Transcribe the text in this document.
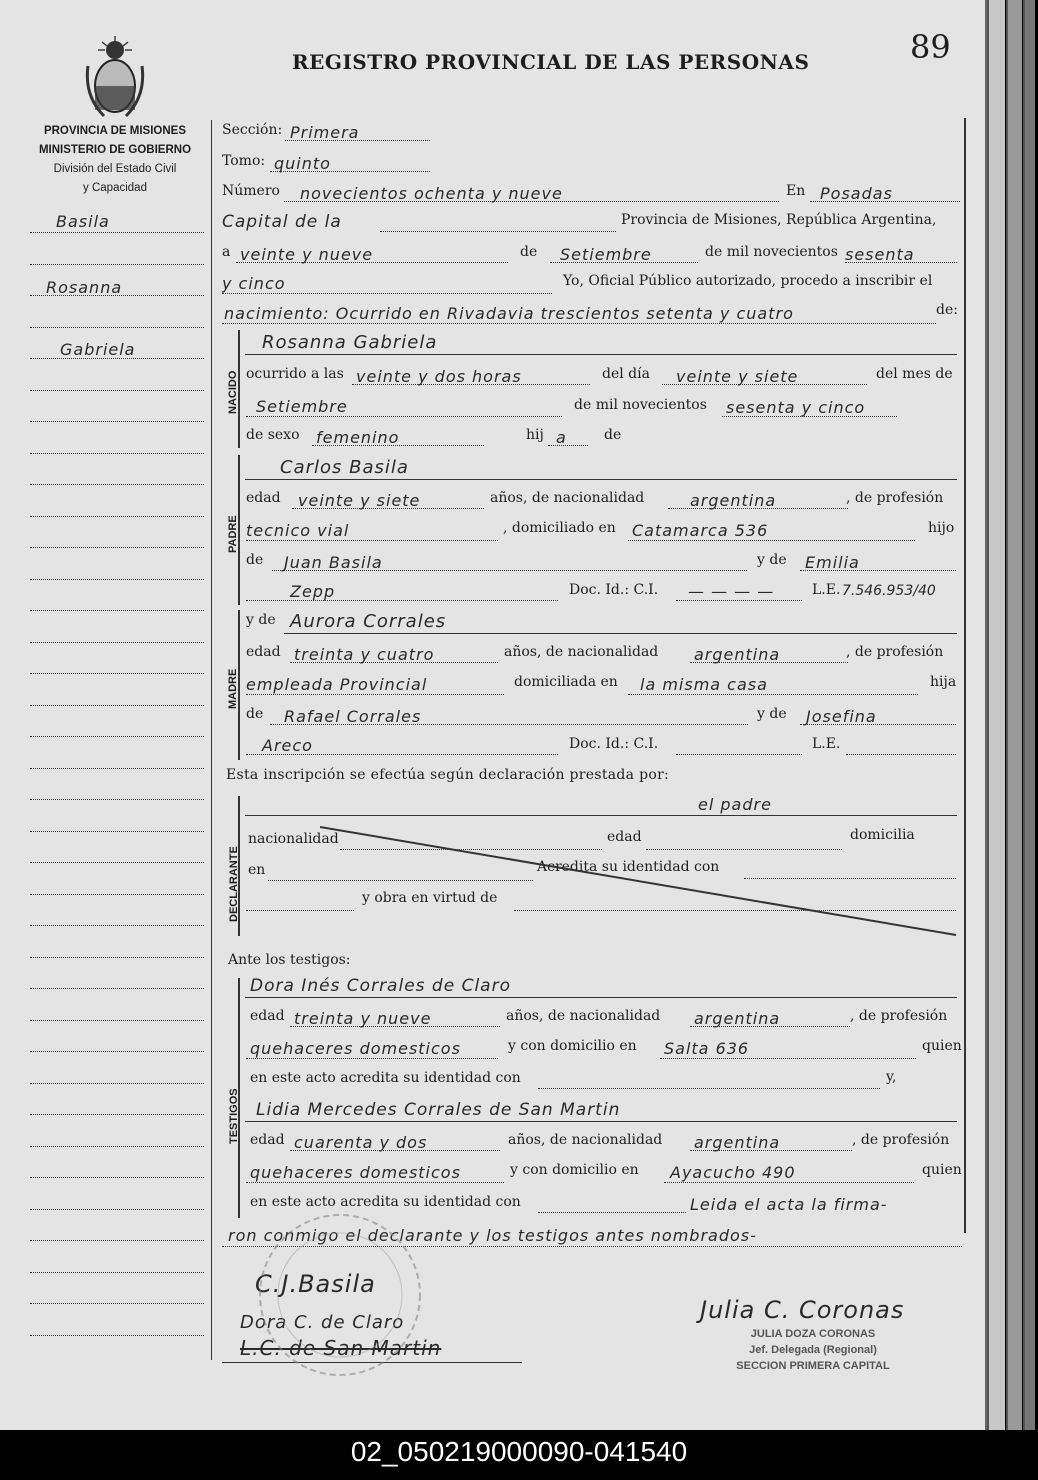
REGISTRO PROVINCIAL DE LAS PERSONAS	89
PROVINCIA DE MISIONES
MINISTERIO DE GOBIERNO
División del Estado Civil
y Capacidad
Basila
Rosanna
Gabriela
Sección: Primera
Tomo: quinto
Número novecientos ochenta y nueve	En Posadas
Capital de la	Provincia de Misiones, República Argentina,
a veinte y nueve	de Setiembre	de mil novecientos sesenta
y cinco	Yo, Oficial Público autorizado, procedo a inscribir el
nacimiento: Ocurrido en Rivadavia trescientos setenta y cuatro	de:
NACIDO
Rosanna Gabriela
ocurrido a las veinte y dos horas	del día veinte y siete	del mes de
Setiembre	de mil novecientos sesenta y cinco
de sexo femenino	hij a	de
PADRE
Carlos Basila
edad veinte y siete	años, de nacionalidad	argentina	, de profesión
tecnico vial	, domiciliado en Catamarca 536	hijo
de Juan Basila	y de Emilia
Zepp	Doc. Id.: C.I. — — — —	L.E. 7.546.953/40
MADRE
y de Aurora Corrales
edad treinta y cuatro	años, de nacionalidad argentina	, de profesión
empleada Provincial	domiciliada en la misma casa	hija
de Rafael Corrales	y de Josefina
Areco	Doc. Id.: C.I.	L.E.
Esta inscripción se efectúa según declaración prestada por:
DECLARANTE
el padre
nacionalidad	edad	domicilia
en	Acredita su identidad con
y obra en virtud de
Ante los testigos:
TESTIGOS
Dora Inés Corrales de Claro
edad treinta y nueve	años, de nacionalidad argentina	, de profesión
quehaceres domesticos	y con domicilio en Salta 636	quien
en este acto acredita su identidad con	y,
Lidia Mercedes Corrales de San Martin
edad cuarenta y dos	años, de nacionalidad argentina	, de profesión
quehaceres domesticos	y con domicilio en Ayacucho 490	quien
en este acto acredita su identidad con	Leida el acta la firma-
ron conmigo el declarante y los testigos antes nombrados-
C.J.Basila
Dora C. de Claro
L.C. de San Martin
Julia C. Coronas
JULIA DOZA CORONAS
Jef. Delegada (Regional)
SECCION PRIMERA CAPITAL
02_050219000090-041540
